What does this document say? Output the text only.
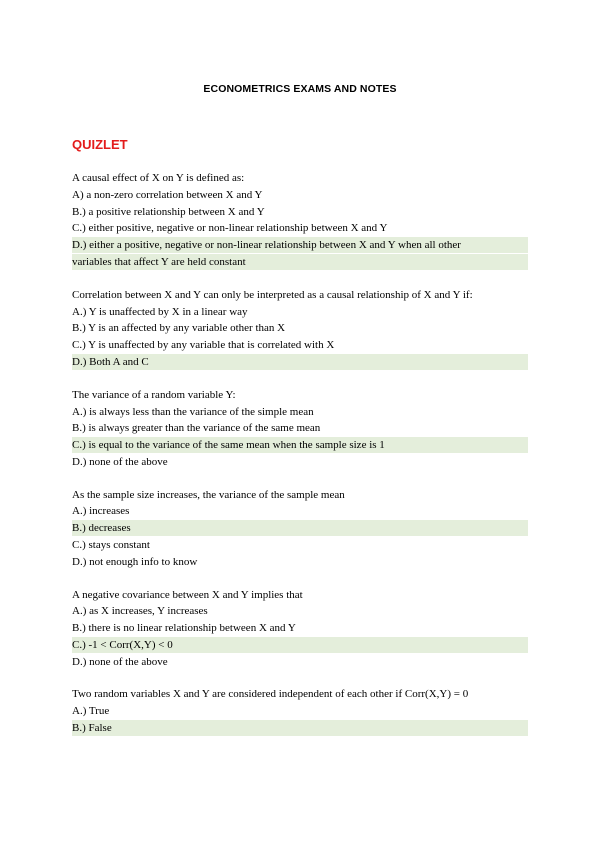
ECONOMETRICS EXAMS AND NOTES
QUIZLET
A causal effect of X on Y is defined as:
A) a non-zero correlation between X and Y
B.) a positive relationship between X and Y
C.) either positive, negative or non-linear relationship between X and Y
D.) either a positive, negative or non-linear relationship between X and Y when all other
variables that affect Y are held constant
Correlation between X and Y can only be interpreted as a causal relationship of X and Y if:
A.) Y is unaffected by X in a linear way
B.) Y is an affected by any variable other than X
C.) Y is unaffected by any variable that is correlated with X
D.) Both A and C
The variance of a random variable Y:
A.) is always less than the variance of the simple mean
B.) is always greater than the variance of the same mean
C.) is equal to the variance of the same mean when the sample size is 1
D.) none of the above
As the sample size increases, the variance of the sample mean
A.) increases
B.) decreases
C.) stays constant
D.) not enough info to know
A negative covariance between X and Y implies that
A.) as X increases, Y increases
B.) there is no linear relationship between X and Y
C.) -1 < Corr(X,Y) < 0
D.) none of the above
Two random variables X and Y are considered independent of each other if Corr(X,Y) = 0
A.) True
B.) False
